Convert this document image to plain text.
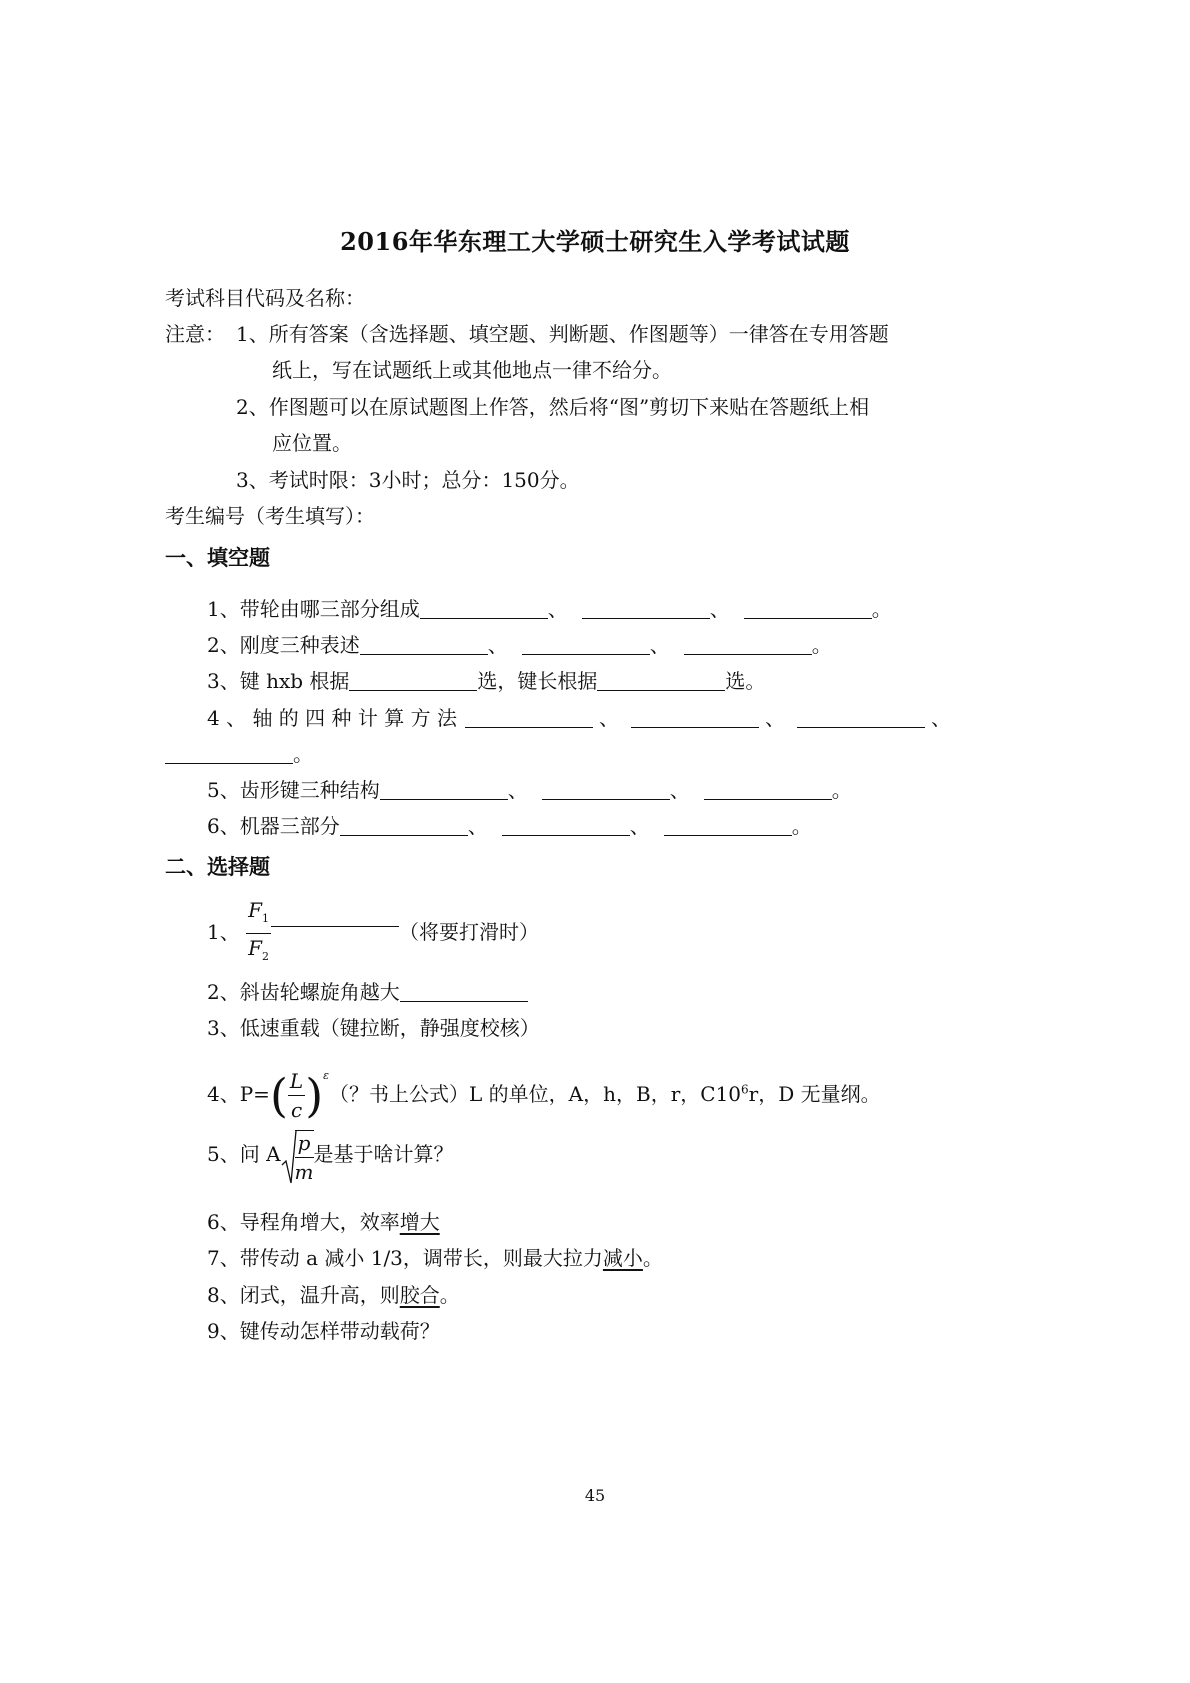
2016年华东理工大学硕士研究生入学考试试题
考试科目代码及名称：
注意： 1、所有答案（含选择题、填空题、判断题、作图题等）一律答在专用答题
纸上，写在试题纸上或其他地点一律不给分。
2、作图题可以在原试题图上作答，然后将“图”剪切下来贴在答题纸上相
应位置。
3、考试时限：3小时；总分：150分。
考生编号（考生填写）：
一、填空题
1、带轮由哪三部分组成	、	、	。
2、刚度三种表述	、	、	。
3、键 hxb 根据	选，键长根据	选。
4 、 轴 的 四 种 计 算 方 法	、	、	、
。
5、齿形键三种结构	、	、	。
6、机器三部分	、	、	。
二、选择题
1、 $\frac{F_1}{F_2}$	（将要打滑时）
2、斜齿轮螺旋角越大
3、低速重载（键拉断，静强度校核）
4、$P=( \frac{L}{c} )^\varepsilon$（？书上公式）L 的单位，A，h，B，r，$C10^6r$，D 无量纲。
5、问 A $\frac{p}{m}$ 是基于啥计算？
6、导程角增大，效率增大
7、带传动 a 减小 1/3，调带长，则最大拉力减小。
8、闭式，温升高，则胶合。
9、键传动怎样带动载荷？
45
